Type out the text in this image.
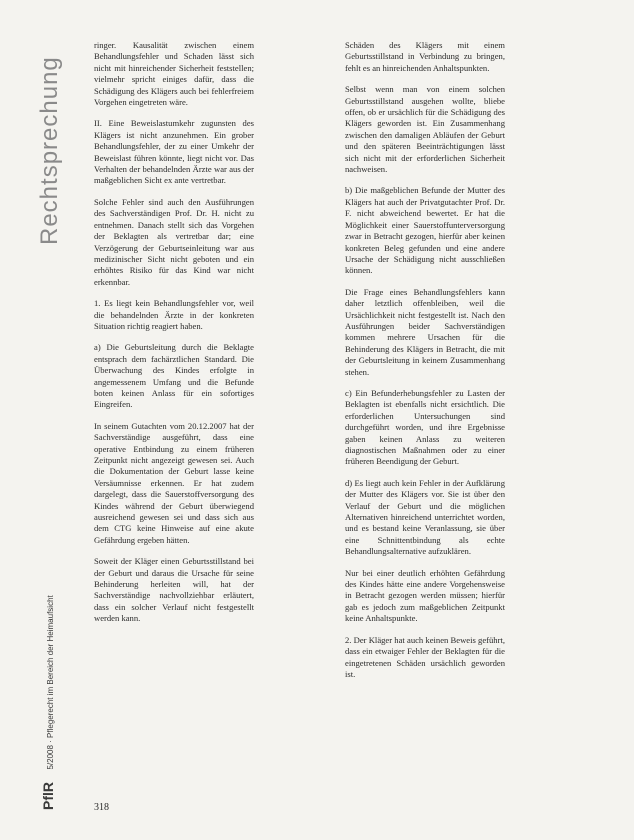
Rechtsprechung
PflR 5/2008 · Pflegerecht im Bereich der Heimaufsicht

ringer. Kausalität zwischen einem Behandlungsfehler und Schaden lässt sich nicht mit hinreichender Sicherheit feststellen; vielmehr spricht einiges dafür, dass die Schädigung des Klägers auch bei fehlerfreiem Vorgehen eingetreten wäre.

II. Eine Beweislastumkehr zugunsten des Klägers ist nicht anzunehmen. Ein grober Behandlungsfehler, der zu einer Umkehr der Beweislast führen könnte, liegt nicht vor. Das Verhalten der behandelnden Ärzte war aus der maßgeblichen Sicht ex ante vertretbar.

Solche Fehler sind auch den Ausführungen des Sachverständigen Prof. Dr. H. nicht zu entnehmen. Danach stellt sich das Vorgehen der Beklagten als vertretbar dar; eine Verzögerung der Geburtseinleitung war aus medizinischer Sicht nicht geboten und ein erhöhtes Risiko für das Kind war nicht erkennbar.

1. Es liegt kein Behandlungsfehler vor, weil die behandelnden Ärzte in der konkreten Situation richtig reagiert haben.

a) Die Geburtsleitung durch die Beklagte entsprach dem fachärztlichen Standard. Die Überwachung des Kindes erfolgte in angemessenem Umfang und die Befunde boten keinen Anlass für ein sofortiges Eingreifen.

In seinem Gutachten vom 20.12.2007 hat der Sachverständige ausgeführt, dass eine operative Entbindung zu einem früheren Zeitpunkt nicht angezeigt gewesen sei. Auch die Dokumentation der Geburt lasse keine Versäumnisse erkennen. Er hat zudem dargelegt, dass die Sauerstoffversorgung des Kindes während der Geburt überwiegend ausreichend gewesen sei und dass sich aus dem CTG keine Hinweise auf eine akute Gefährdung ergeben hätten.

Soweit der Kläger einen Geburtsstillstand bei der Geburt und daraus die Ursache für seine Behinderung herleiten will, hat der Sachverständige nachvollziehbar erläutert, dass ein solcher Verlauf nicht festgestellt werden kann.

Schäden des Klägers mit einem Geburtsstillstand in Verbindung zu bringen, fehlt es an hinreichenden Anhaltspunkten.

Selbst wenn man von einem solchen Geburtsstillstand ausgehen wollte, bliebe offen, ob er ursächlich für die Schädigung des Klägers geworden ist. Ein Zusammenhang zwischen den damaligen Abläufen der Geburt und den späteren Beeinträchtigungen lässt sich nicht mit der erforderlichen Sicherheit nachweisen.

b) Die maßgeblichen Befunde der Mutter des Klägers hat auch der Privatgutachter Prof. Dr. F. nicht abweichend bewertet. Er hat die Möglichkeit einer Sauerstoffunterversorgung zwar in Betracht gezogen, hierfür aber keinen konkreten Beleg gefunden und eine andere Ursache der Schädigung nicht ausschließen können.

Die Frage eines Behandlungsfehlers kann daher letztlich offenbleiben, weil die Ursächlichkeit nicht festgestellt ist. Nach den Ausführungen beider Sachverständigen kommen mehrere Ursachen für die Behinderung des Klägers in Betracht, die mit der Geburtsleitung in keinem Zusammenhang stehen.

c) Ein Befunderhebungsfehler zu Lasten der Beklagten ist ebenfalls nicht ersichtlich. Die erforderlichen Untersuchungen sind durchgeführt worden, und ihre Ergebnisse gaben keinen Anlass zu weiteren diagnostischen Maßnahmen oder zu einer früheren Beendigung der Geburt.

d) Es liegt auch kein Fehler in der Aufklärung der Mutter des Klägers vor. Sie ist über den Verlauf der Geburt und die möglichen Alternativen hinreichend unterrichtet worden, und es bestand keine Veranlassung, sie über eine Schnittentbindung als echte Behandlungsalternative aufzuklären.

Nur bei einer deutlich erhöhten Gefährdung des Kindes hätte eine andere Vorgehensweise in Betracht gezogen werden müssen; hierfür gab es jedoch zum maßgeblichen Zeitpunkt keine Anhaltspunkte.

2. Der Kläger hat auch keinen Beweis geführt, dass ein etwaiger Fehler der Beklagten für die eingetretenen Schäden ursächlich geworden ist.

318
